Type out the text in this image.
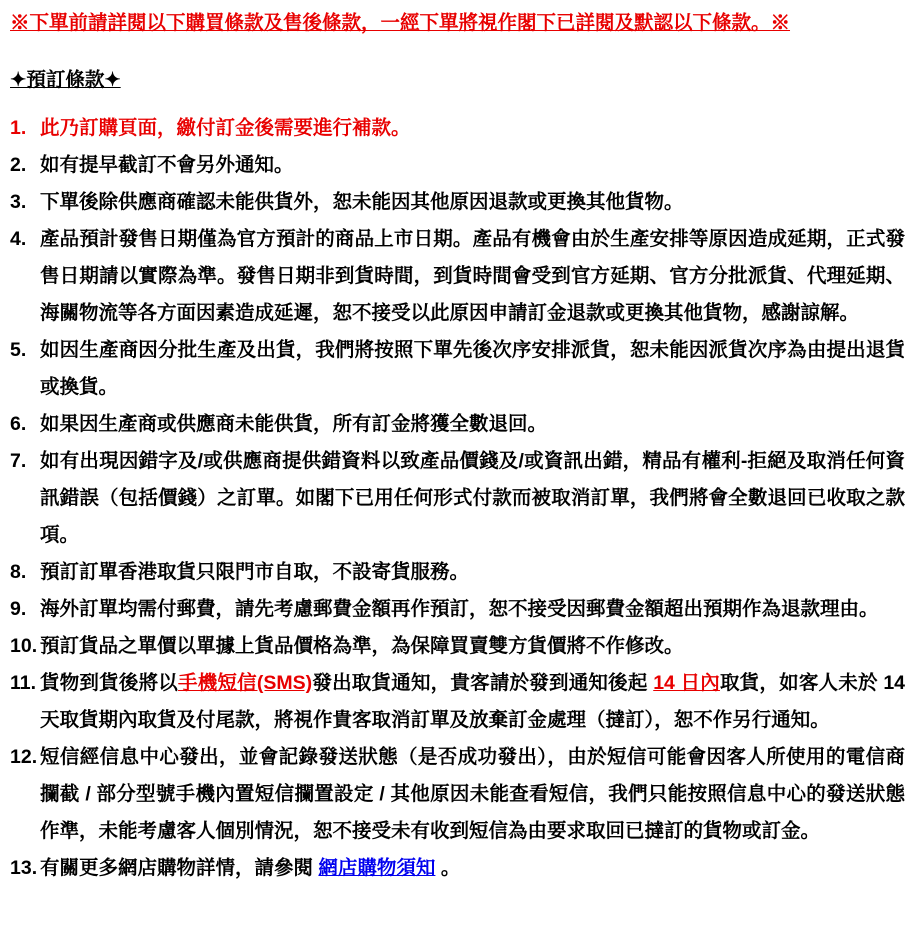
※下單前請詳閱以下購買條款及售後條款，一經下單將視作閣下已詳閱及默認以下條款。※
✦預訂條款✦
1. 此乃訂購頁面，繳付訂金後需要進行補款。
2. 如有提早截訂不會另外通知。
3. 下單後除供應商確認未能供貨外，恕未能因其他原因退款或更換其他貨物。
4. 產品預計發售日期僅為官方預計的商品上市日期。產品有機會由於生產安排等原因造成延期，正式發售日期請以實際為準。發售日期非到貨時間，到貨時間會受到官方延期、官方分批派貨、代理延期、海關物流等各方面因素造成延遲，恕不接受以此原因申請訂金退款或更換其他貨物，感謝諒解。
5. 如因生產商因分批生產及出貨，我們將按照下單先後次序安排派貨，恕未能因派貨次序為由提出退貨或換貨。
6. 如果因生產商或供應商未能供貨，所有訂金將獲全數退回。
7. 如有出現因錯字及/或供應商提供錯資料以致產品價錢及/或資訊出錯，精品有權利-拒絕及取消任何資訊錯誤（包括價錢）之訂單。如閣下已用任何形式付款而被取消訂單，我們將會全數退回已收取之款項。
8. 預訂訂單香港取貨只限門市自取，不設寄貨服務。
9. 海外訂單均需付郵費，請先考慮郵費金額再作預訂，恕不接受因郵費金額超出預期作為退款理由。
10. 預訂貨品之單價以單據上貨品價格為準，為保障買賣雙方貨價將不作修改。
11. 貨物到貨後將以手機短信(SMS)發出取貨通知，貴客請於發到通知後起 14 日內取貨，如客人未於 14 天取貨期內取貨及付尾款，將視作貴客取消訂單及放棄訂金處理（撻訂），恕不作另行通知。
12. 短信經信息中心發出，並會記錄發送狀態（是否成功發出），由於短信可能會因客人所使用的電信商攔截 / 部分型號手機內置短信攔置設定 / 其他原因未能查看短信，我們只能按照信息中心的發送狀態作準，未能考慮客人個別情況，恕不接受未有收到短信為由要求取回已撻訂的貨物或訂金。
13. 有關更多網店購物詳情，請參閱 網店購物須知 。
